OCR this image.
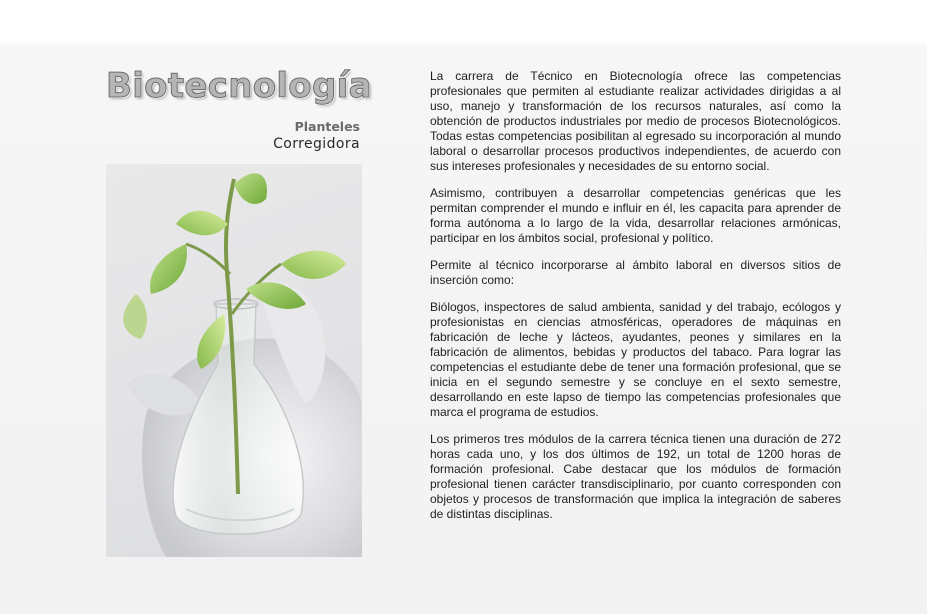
Biotecnología
Planteles
Corregidora

La carrera de Técnico en Biotecnología ofrece las competencias profesionales que permiten al estudiante realizar actividades dirigidas a al uso, manejo y transformación de los recursos naturales, así como la obtención de productos industriales por medio de procesos Biotecnológicos. Todas estas competencias posibilitan al egresado su incorporación al mundo laboral o desarrollar procesos productivos independientes, de acuerdo con sus intereses profesionales y necesidades de su entorno social.

Asimismo, contribuyen a desarrollar competencias genéricas que les permitan comprender el mundo e influir en él, les capacita para aprender de forma autónoma a lo largo de la vida, desarrollar relaciones armónicas, participar en los ámbitos social, profesional y político.

Permite al técnico incorporarse al ámbito laboral en diversos sitios de inserción como:

Biólogos, inspectores de salud ambienta, sanidad y del trabajo, ecólogos y profesionistas en ciencias atmosféricas, operadores de máquinas en fabricación de leche y lácteos, ayudantes, peones y similares en la fabricación de alimentos, bebidas y productos del tabaco. Para lograr las competencias el estudiante debe de tener una formación profesional, que se inicia en el segundo semestre y se concluye en el sexto semestre, desarrollando en este lapso de tiempo las competencias profesionales que marca el programa de estudios.

Los primeros tres módulos de la carrera técnica tienen una duración de 272 horas cada uno, y los dos últimos de 192, un total de 1200 horas de formación profesional. Cabe destacar que los módulos de formación profesional tienen carácter transdisciplinario, por cuanto corresponden con objetos y procesos de transformación que implica la integración de saberes de distintas disciplinas.
